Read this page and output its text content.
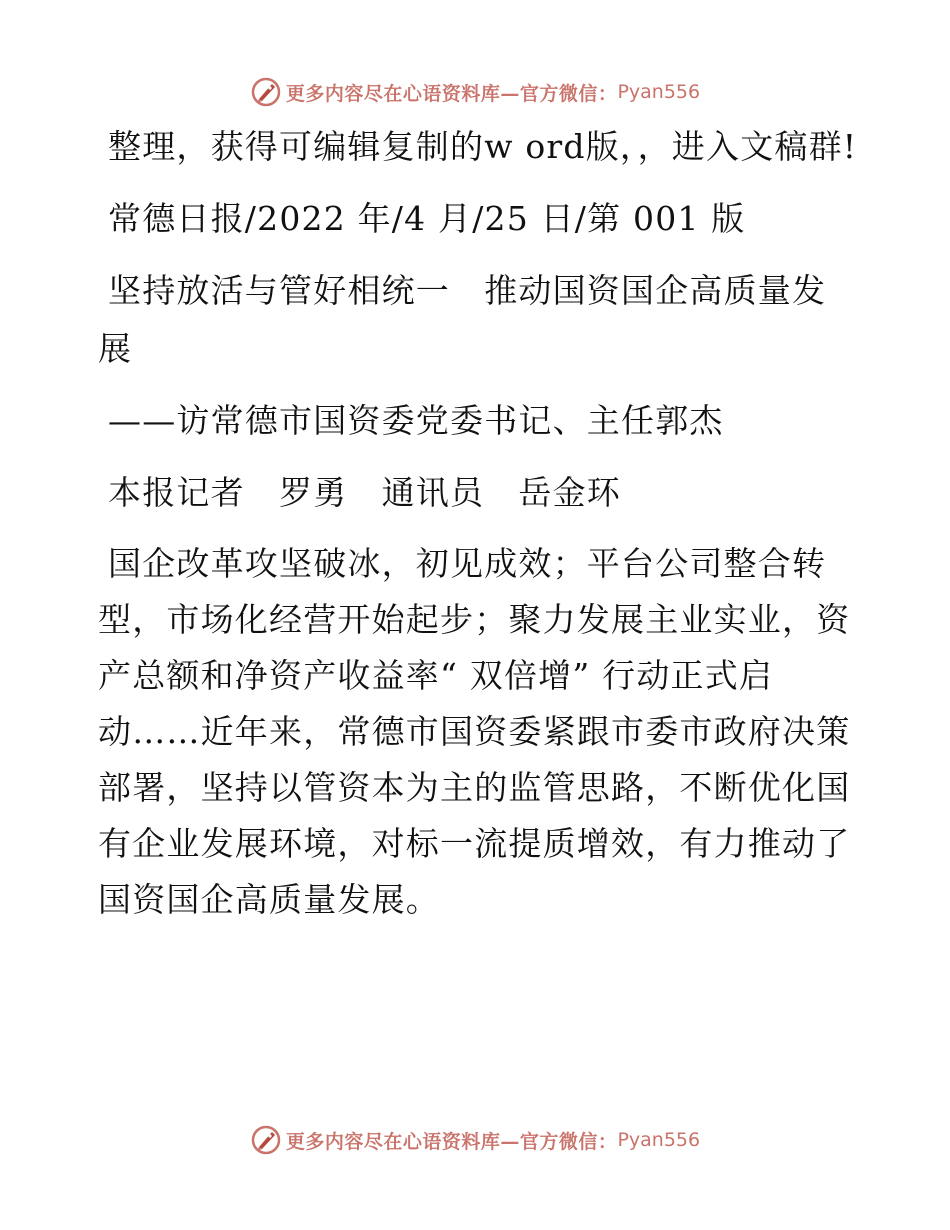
更多内容尽在心语资料库— 官方微信： Pyan556

整理，获得可编辑复制的w ord版，，进入文稿群!

常德日报/2022 年/4 月/25 日/第 001 版

坚持放活与管好相统一　推动国资国企高质量发展

——访常德市国资委党委书记、主任郭杰

本报记者　罗勇　通讯员　岳金环

国企改革攻坚破冰，初见成效；平台公司整合转型，市场化经营开始起步；聚力发展主业实业，资产总额和净资产收益率“ 双倍增” 行动正式启动……近年来，常德市国资委紧跟市委市政府决策部署，坚持以管资本为主的监管思路，不断优化国有企业发展环境，对标一流提质增效，有力推动了国资国企高质量发展。

更多内容尽在心语资料库— 官方微信： Pyan556
